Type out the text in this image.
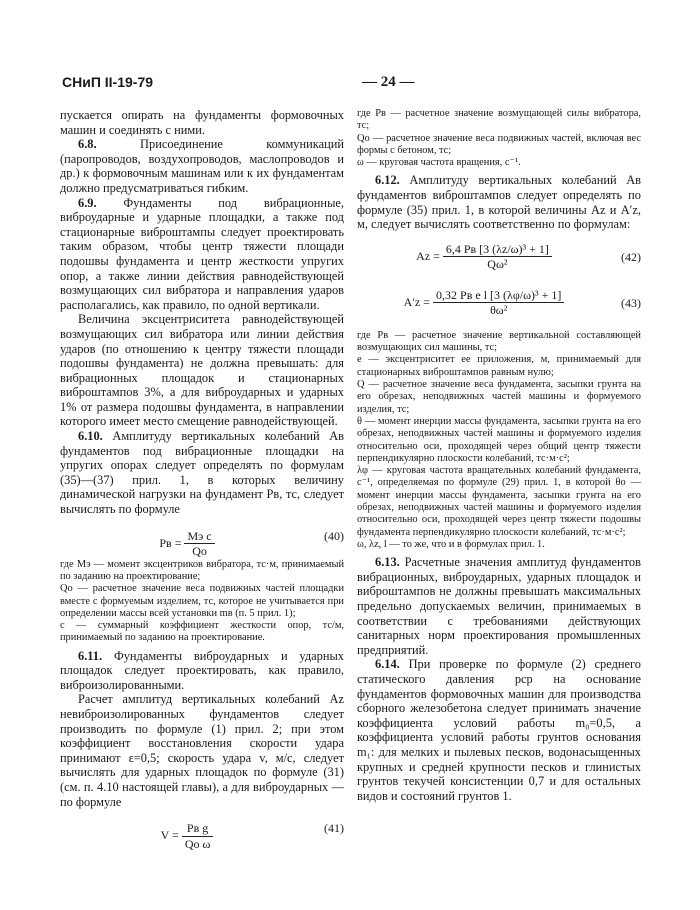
СНиП II-19-79	— 24 —

пускается опирать на фундаменты формовочных машин и соединять с ними.

6.8.	Присоединение коммуникаций (паропроводов, воздухопроводов, маслопроводов и др.) к формовочным машинам или к их фундаментам должно предусматриваться гибким.

6.9. Фундаменты под вибрационные, виброударные и ударные площадки, а также под стационарные виброштампы следует проектировать таким образом, чтобы центр тяжести площади подошвы фундамента и центр жесткости упругих опор, а также линии действия равнодействующей возмущающих сил вибратора и направления ударов располагались, как правило, по одной вертикали.

Величина эксцентриситета равнодействующей возмущающих сил вибратора или линии действия ударов (по отношению к центру тяжести площади подошвы фундамента) не должна превышать: для вибрационных площадок и стационарных виброштампов 3%, а для виброударных и ударных 1% от размера подошвы фундамента, в направлении которого имеет место смещение равнодействующей.

6.10. Амплитуду вертикальных колебаний Aв фундаментов под вибрационные площадки на упругих опорах следует определять по формулам (35)—(37) прил. 1, в которых величину динамической нагрузки на фундамент Pв, тс, следует вычислять по формуле

Pв = $\frac{\text{Mэ c}}{Qо}$	(40)

где Mэ — момент эксцентриков вибратора, тс·м, принимаемый по заданию на проектирование;

Qо — расчетное значение веса подвижных частей площадки вместе с формуемым изделием, тс, которое не учитывается при определении массы всей установки mв (п. 5 прил. 1);

c — суммарный коэффициент жесткости опор, тс/м, принимаемый по заданию на проектирование.

6.11. Фундаменты виброударных и ударных площадок следует проектировать, как правило, виброизолированными.

Расчет амплитуд вертикальных колебаний Az невиброизолированных фундаментов следует производить по формуле (1) прил. 2; при этом коэффициент восстановления скорости удара принимают ε=0,5; скорость удара v, м/с, следует вычислять для ударных площадок по формуле (31) (см. п. 4.10 настоящей главы), а для виброударных — по формуле

$V = \frac{\text{Pв g}}{\text{Qо ω}}$	(41)

где Pв — расчетное значение возмущающей силы вибратора, тс;

Qо — расчетное значение веса подвижных частей, включая вес формы с бетоном, тс;

ω — круговая частота вращения, с⁻¹.

6.12. Амплитуду вертикальных колебаний Aв фундаментов виброштампов следует определять по формуле (35) прил. 1, в которой величины Az и A′z, м, следует вычислять соответственно по формулам:

$Az = \frac{\text{6,4 Pв [3 (λz/ω)³ + 1]}}{\text{Qω²}}$	(42)
$A'z = \frac{\text{0,32 Pв e l [3 (λφ/ω)³ + 1]}}{\text{θω²}}$	(43)

где Pв — расчетное значение вертикальной составляющей возмущающих сил машины, тс;

e — эксцентриситет ее приложения, м, принимаемый для стационарных виброштампов равным нулю;

Q — расчетное значение веса фундамента, засыпки грунта на его обрезах, неподвижных частей машины и формуемого изделия, тс;

θ — момент инерции массы фундамента, засыпки грунта на его обрезах, неподвижных частей машины и формуемого изделия относительно оси, проходящей через общий центр тяжести перпендикулярно плоскости колебаний, тс·м·с²;

λφ — круговая частота вращательных колебаний фундамента, с⁻¹, определяемая по формуле (29) прил. 1, в которой θо — момент инерции массы фундамента, засыпки грунта на его обрезах, неподвижных частей машины и формуемого изделия относительно оси, проходящей через центр тяжести подошвы фундамента перпендикулярно плоскости колебаний, тс·м·с²;

ω, λz, l — то же, что и в формулах прил. 1.

6.13. Расчетные значения амплитуд фундаментов вибрационных, виброударных, ударных площадок и виброштампов не должны превышать максимальных предельно допускаемых величин, принимаемых в соответствии с требованиями действующих санитарных норм проектирования промышленных предприятий.

6.14. При проверке по формуле (2) среднего статического давления pср на основание фундаментов формовочных машин для производства сборного железобетона следует принимать значение коэффициента условий работы m₀=0,5, а коэффициента условий работы грунтов основания m₁: для мелких и пылевых песков, водонасыщенных крупных и средней крупности песков и глинистых грунтов текучей консистенции 0,7 и для остальных видов и состояний грунтов 1.
